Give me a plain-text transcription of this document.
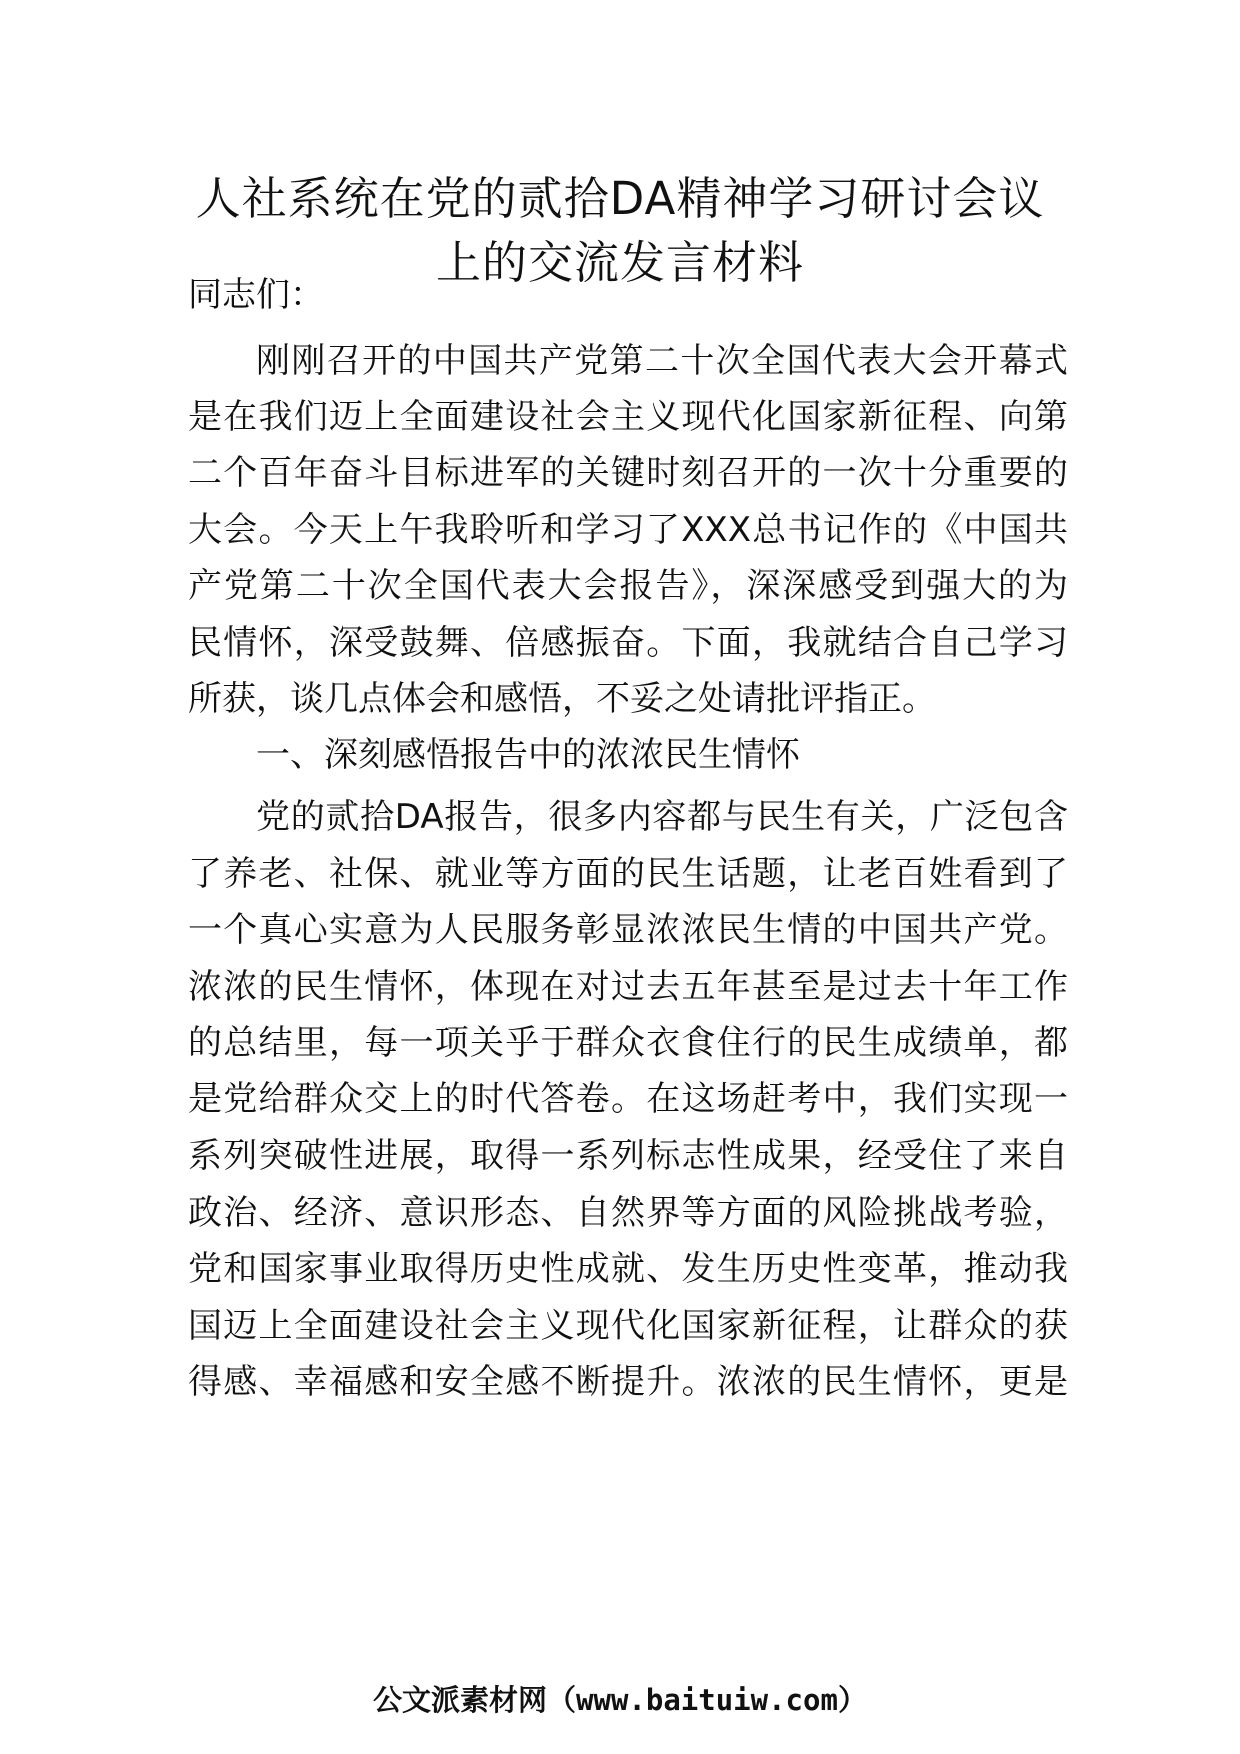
人社系统在党的贰拾DA精神学习研讨会议
上的交流发言材料

同志们：

刚刚召开的中国共产党第二十次全国代表大会开幕式

是在我们迈上全面建设社会主义现代化国家新征程、向第

二个百年奋斗目标进军的关键时刻召开的一次十分重要的

大会。今天上午我聆听和学习了XXX总书记作的《中国共

产党第二十次全国代表大会报告》，深深感受到强大的为

民情怀，深受鼓舞、倍感振奋。下面，我就结合自己学习

所获，谈几点体会和感悟，不妥之处请批评指正。

一、深刻感悟报告中的浓浓民生情怀

党的贰拾DA报告，很多内容都与民生有关，广泛包含

了养老、社保、就业等方面的民生话题，让老百姓看到了

一个真心实意为人民服务彰显浓浓民生情的中国共产党。

浓浓的民生情怀，体现在对过去五年甚至是过去十年工作

的总结里，每一项关乎于群众衣食住行的民生成绩单，都

是党给群众交上的时代答卷。在这场赶考中，我们实现一

系列突破性进展，取得一系列标志性成果，经受住了来自

政治、经济、意识形态、自然界等方面的风险挑战考验，

党和国家事业取得历史性成就、发生历史性变革，推动我

国迈上全面建设社会主义现代化国家新征程，让群众的获

得感、幸福感和安全感不断提升。浓浓的民生情怀，更是

公文派素材网（www.baituiw.com）
